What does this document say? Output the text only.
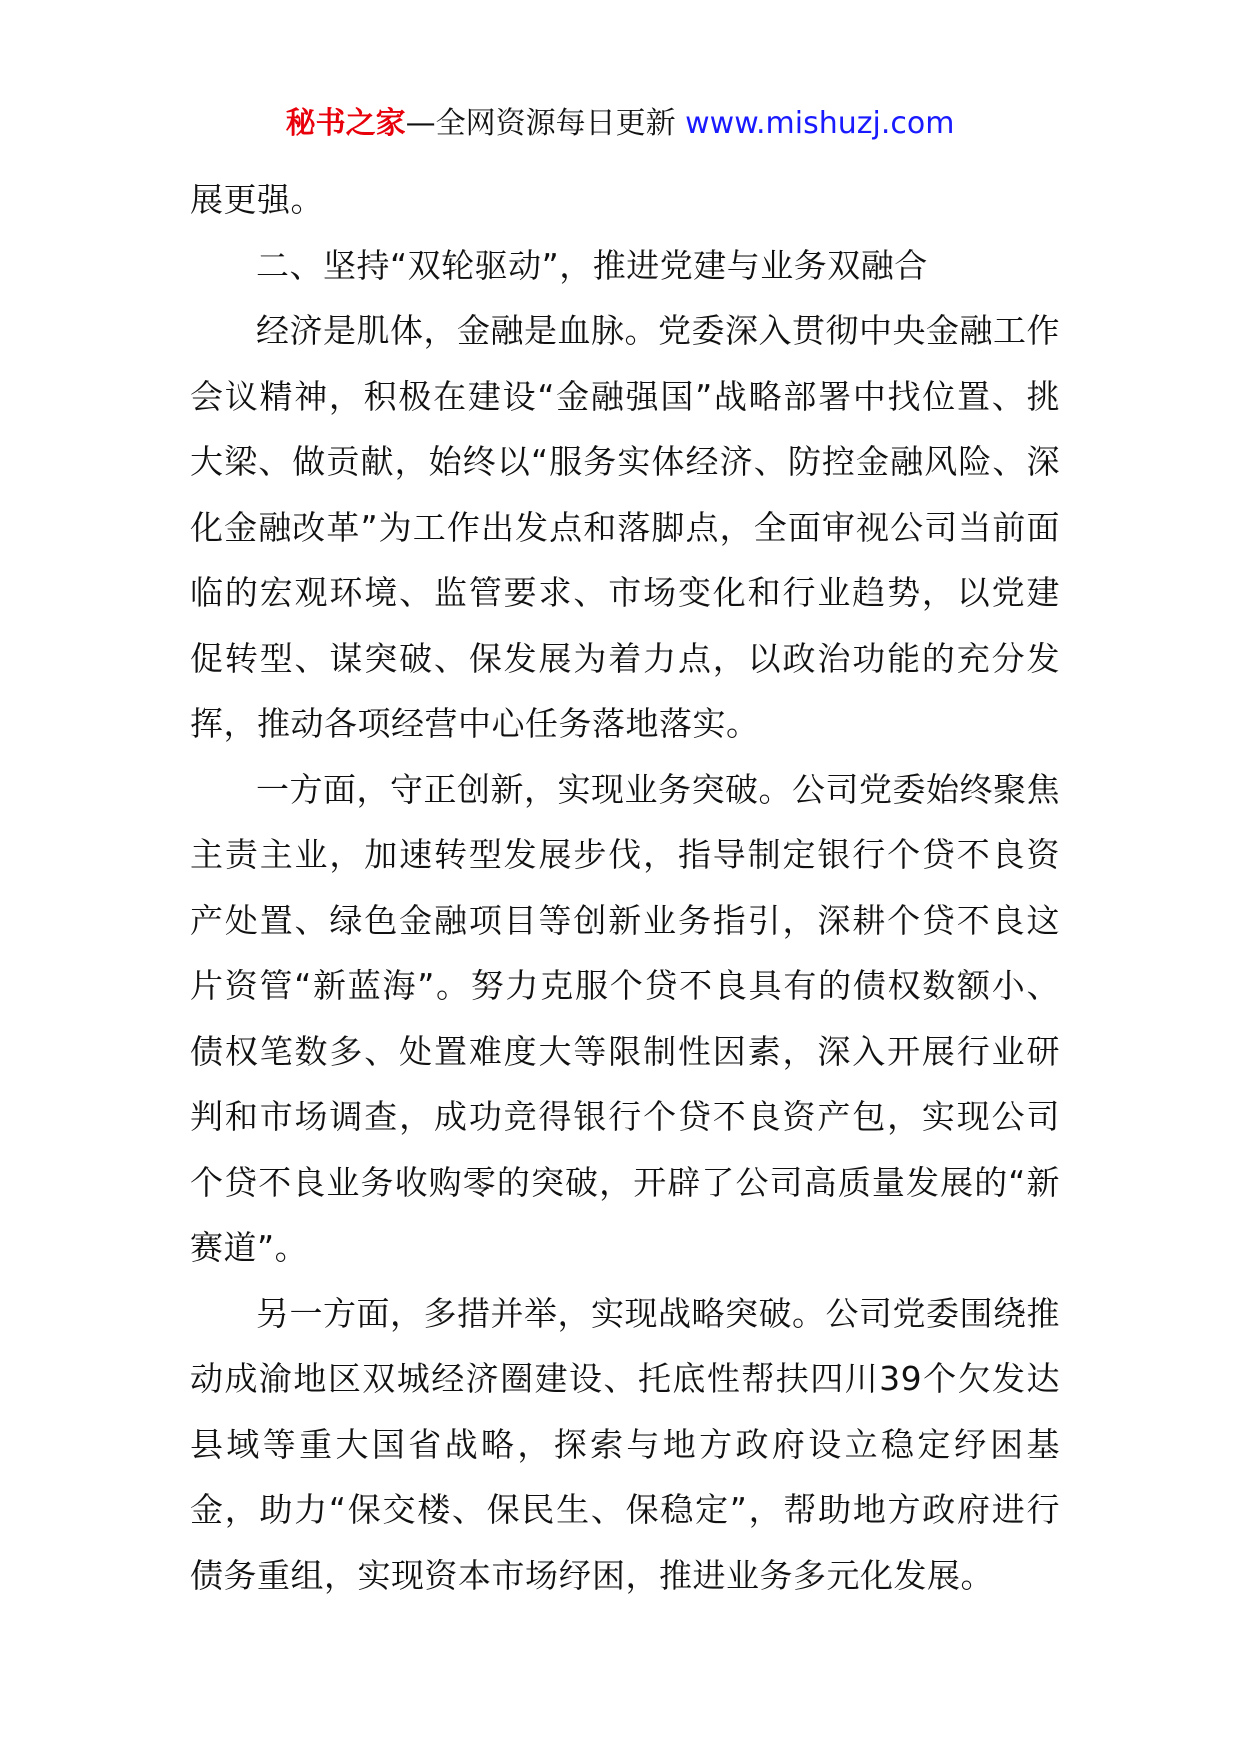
秘书之家—全网资源每日更新 www.mishuzj.com

展更强。

二、坚持“双轮驱动”，推进党建与业务双融合

经济是肌体，金融是血脉。党委深入贯彻中央金融工作会议精神，积极在建设“金融强国”战略部署中找位置、挑大梁、做贡献，始终以“服务实体经济、防控金融风险、深化金融改革”为工作出发点和落脚点，全面审视公司当前面临的宏观环境、监管要求、市场变化和行业趋势，以党建促转型、谋突破、保发展为着力点，以政治功能的充分发挥，推动各项经营中心任务落地落实。

一方面，守正创新，实现业务突破。公司党委始终聚焦主责主业，加速转型发展步伐，指导制定银行个贷不良资产处置、绿色金融项目等创新业务指引，深耕个贷不良这片资管“新蓝海”。努力克服个贷不良具有的债权数额小、债权笔数多、处置难度大等限制性因素，深入开展行业研判和市场调查，成功竞得银行个贷不良资产包，实现公司个贷不良业务收购零的突破，开辟了公司高质量发展的“新赛道”。

另一方面，多措并举，实现战略突破。公司党委围绕推动成渝地区双城经济圈建设、托底性帮扶四川39个欠发达县域等重大国省战略，探索与地方政府设立稳定纾困基金，助力“保交楼、保民生、保稳定”，帮助地方政府进行债务重组，实现资本市场纾困，推进业务多元化发展。
